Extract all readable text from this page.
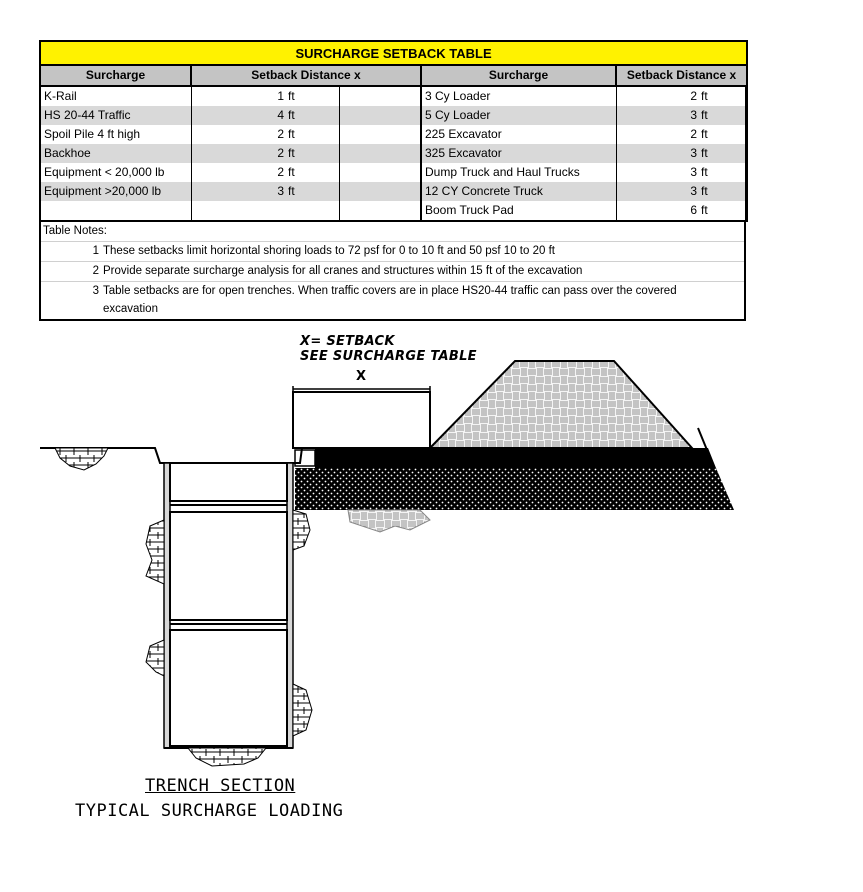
SURCHARGE SETBACK TABLE							
Surcharge	Setback Distance x			Surcharge	Setback Distance x		
K-Rail	1	ft		3 Cy Loader	2	ft	
HS 20-44 Traffic	4	ft		5 Cy Loader	3	ft	
Spoil Pile 4 ft high	2	ft		225 Excavator	2	ft	
Backhoe	2	ft		325 Excavator	3	ft	
Equipment < 20,000 lb	2	ft		Dump Truck and Haul Trucks	3	ft	
Equipment >20,000 lb	3	ft		12 CY Concrete Truck	3	ft	
				Boom Truck Pad	6	ft	
Table Notes:
1 These setbacks limit horizontal shoring loads to 72 psf for 0 to 10 ft and 50 psf 10 to 20 ft
2 Provide separate surcharge analysis for all cranes and structures within 15 ft of the excavation
3 Table setbacks are for open trenches. When traffic covers are in place HS20-44 traffic can pass over the covered excavation
X= SETBACK
SEE SURCHARGE TABLE
X
TRENCH SECTION
TYPICAL SURCHARGE LOADING
